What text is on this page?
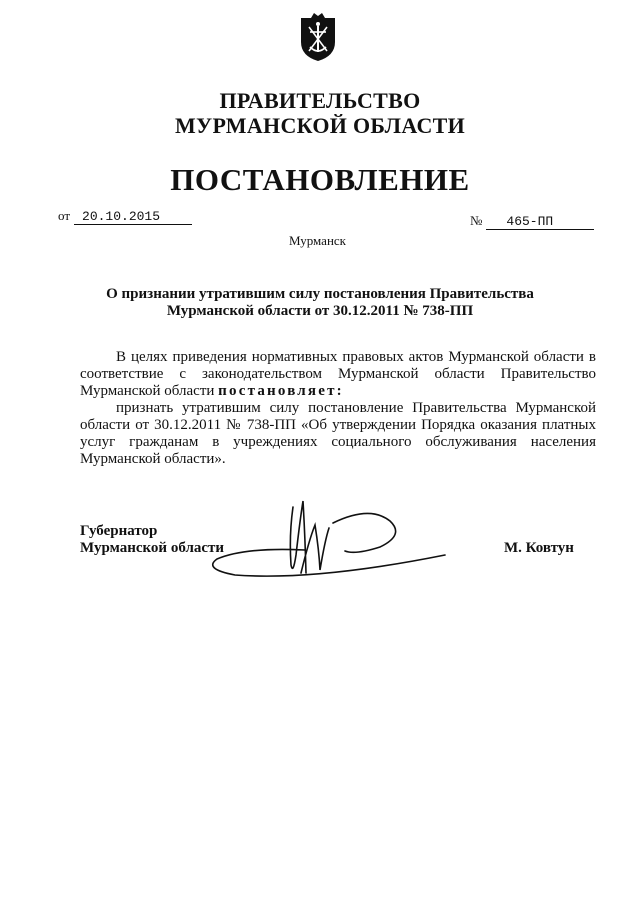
ПРАВИТЕЛЬСТВО
МУРМАНСКОЙ ОБЛАСТИ
ПОСТАНОВЛЕНИЕ
от 20.10.2015	№ 465-ПП
Мурманск
О признании утратившим силу постановления Правительства
Мурманской области от 30.12.2011 № 738-ПП

В целях приведения нормативных правовых актов Мурманской области в соответствие с законодательством Мурманской области Правительство Мурманской области постановляет:

признать утратившим силу постановление Правительства Мурманской области от 30.12.2011 № 738-ПП «Об утверждении Порядка оказания платных услуг гражданам в учреждениях социального обслуживания населения Мурманской области».

Губернатор
Мурманской области	М. Ковтун
